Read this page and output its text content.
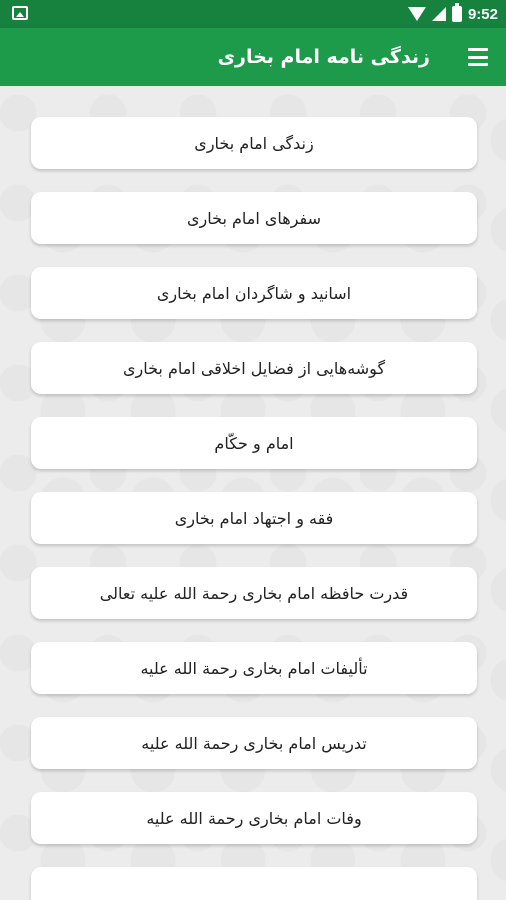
9:52
زندگی نامه امام بخاری
زندگی امام بخاری
سفرهای امام بخاری
اسانید و شاگردان امام بخاری
گوشه‌هایی از فضایل اخلاقی امام بخاری
امام و حکّام
فقه و اجتهاد امام بخاری
قدرت حافظه امام بخاری رحمة الله علیه تعالی
تألیفات امام بخاری رحمة الله علیه
تدریس امام بخاری رحمة الله علیه
وفات امام بخاری رحمة الله علیه
